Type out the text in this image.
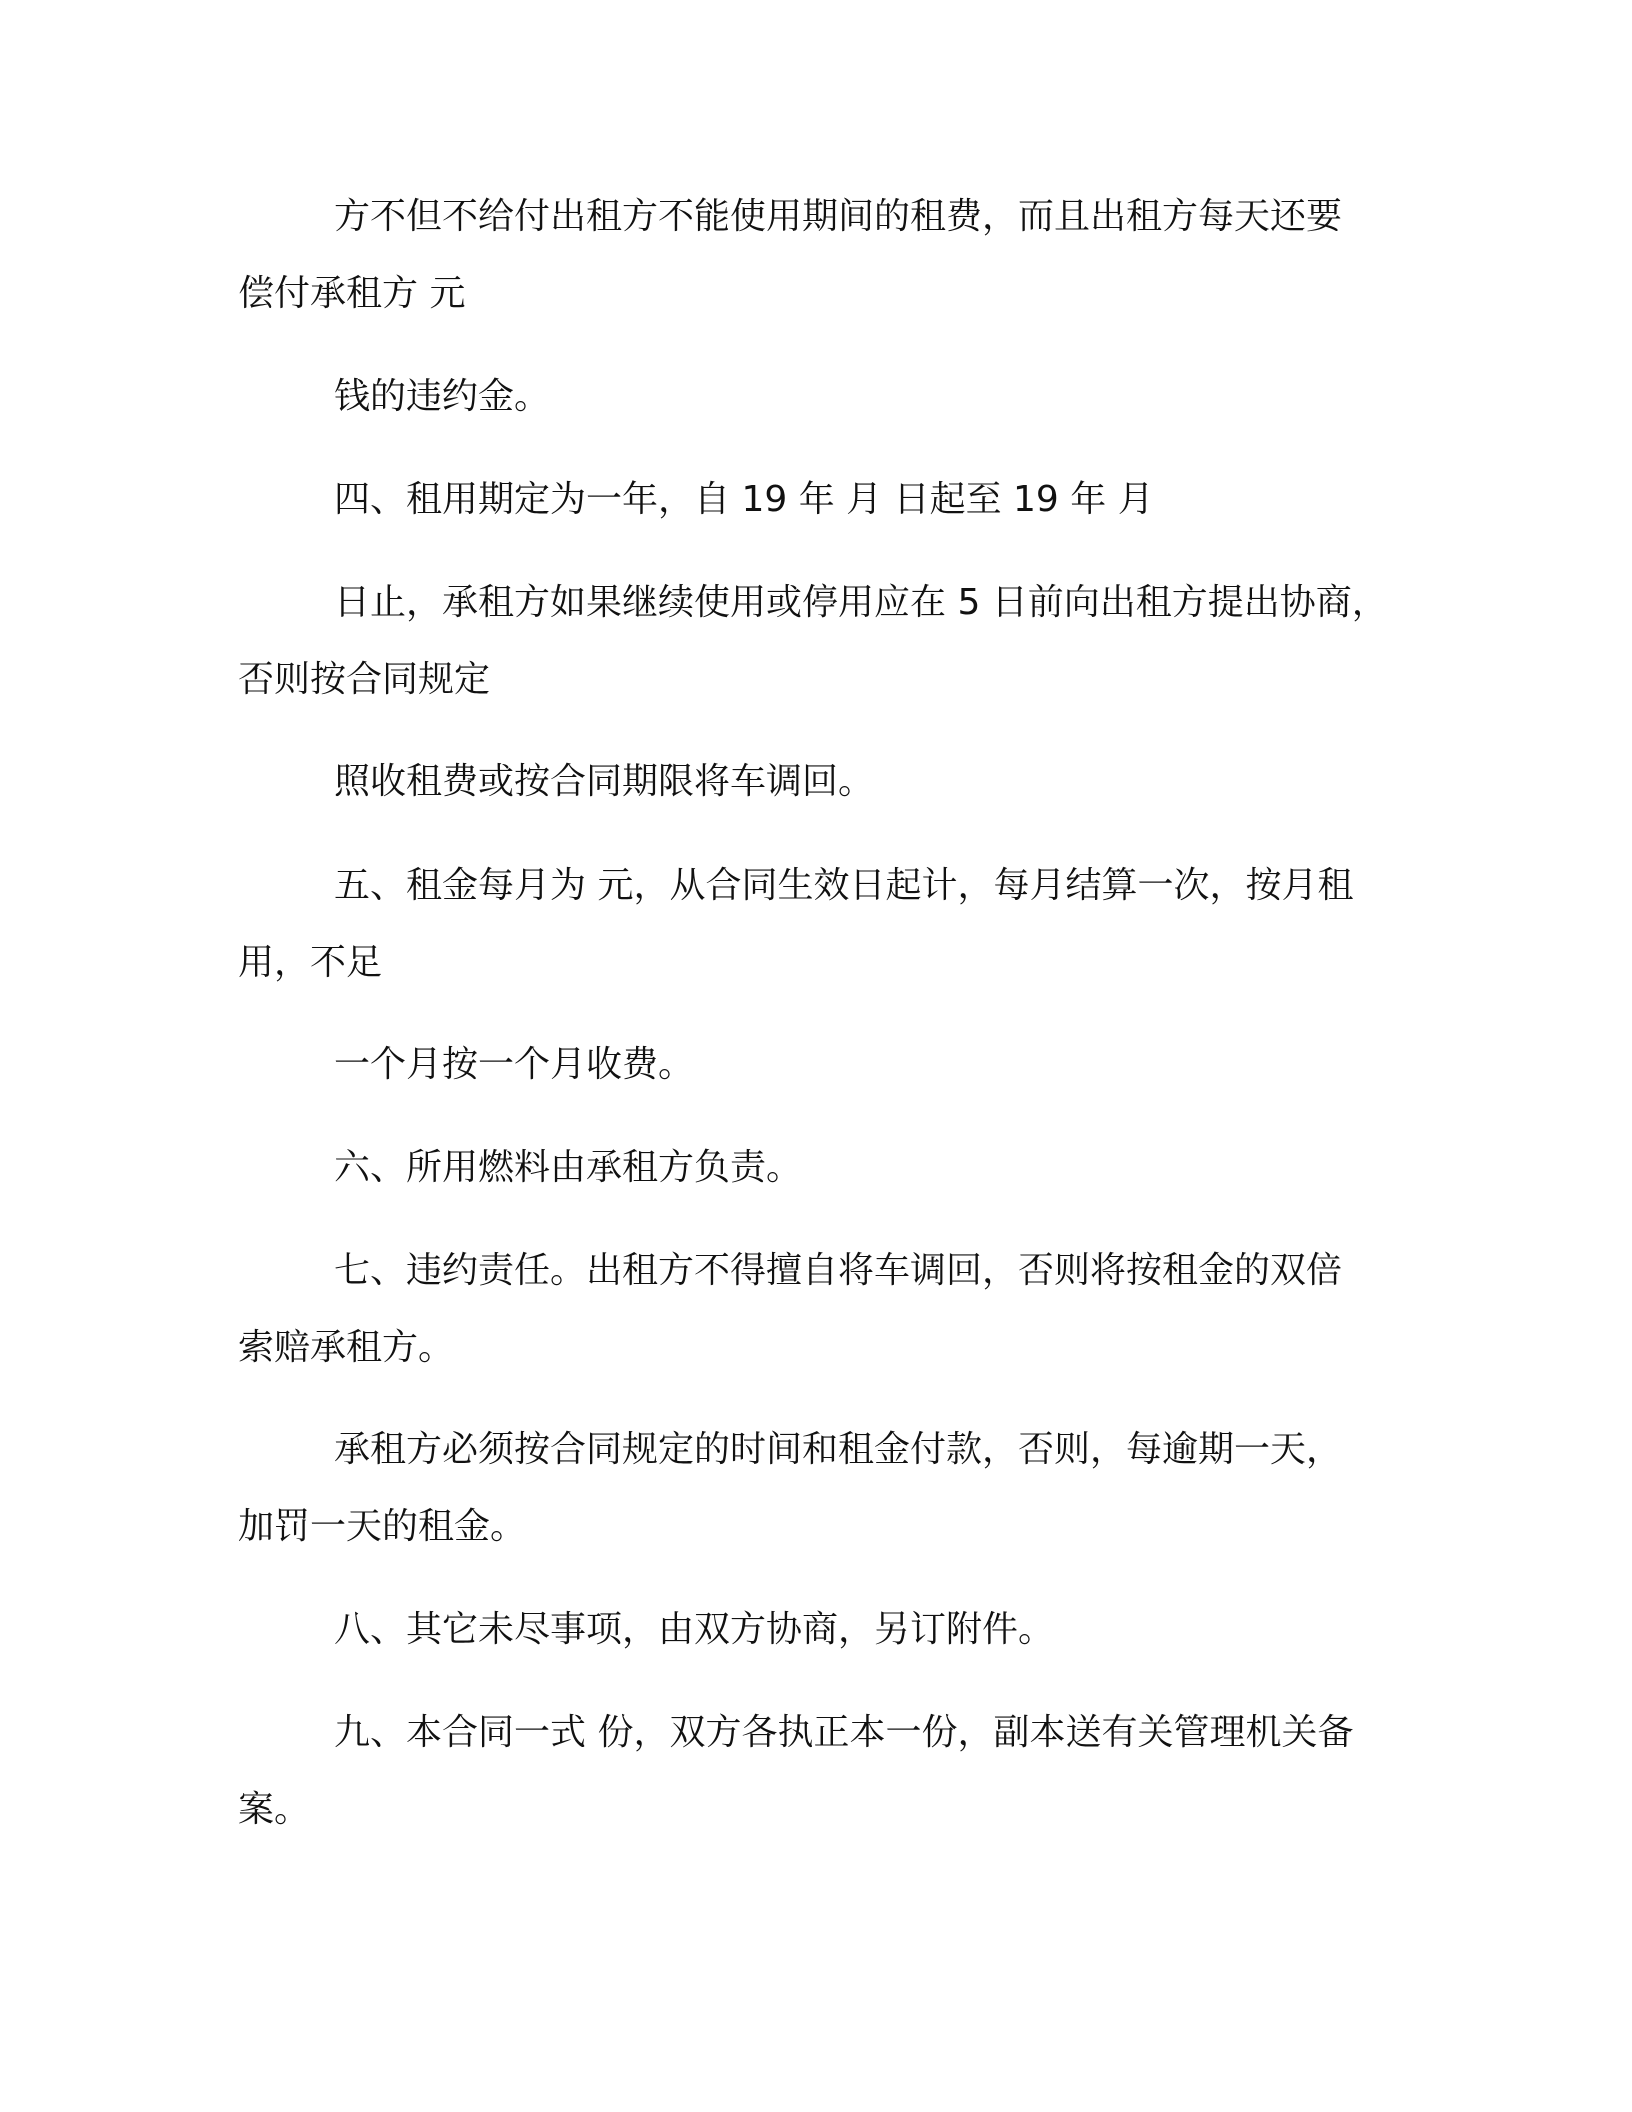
方不但不给付出租方不能使用期间的租费，而且出租方每天还要
偿付承租方 元
钱的违约金。
四、租用期定为一年，自 19 年 月 日起至 19 年 月
日止，承租方如果继续使用或停用应在 5 日前向出租方提出协商，
否则按合同规定
照收租费或按合同期限将车调回。
五、租金每月为 元，从合同生效日起计，每月结算一次，按月租
用，不足
一个月按一个月收费。
六、所用燃料由承租方负责。
七、违约责任。出租方不得擅自将车调回，否则将按租金的双倍
索赔承租方。
承租方必须按合同规定的时间和租金付款，否则，每逾期一天，
加罚一天的租金。
八、其它未尽事项，由双方协商，另订附件。
九、本合同一式 份，双方各执正本一份，副本送有关管理机关备
案。
